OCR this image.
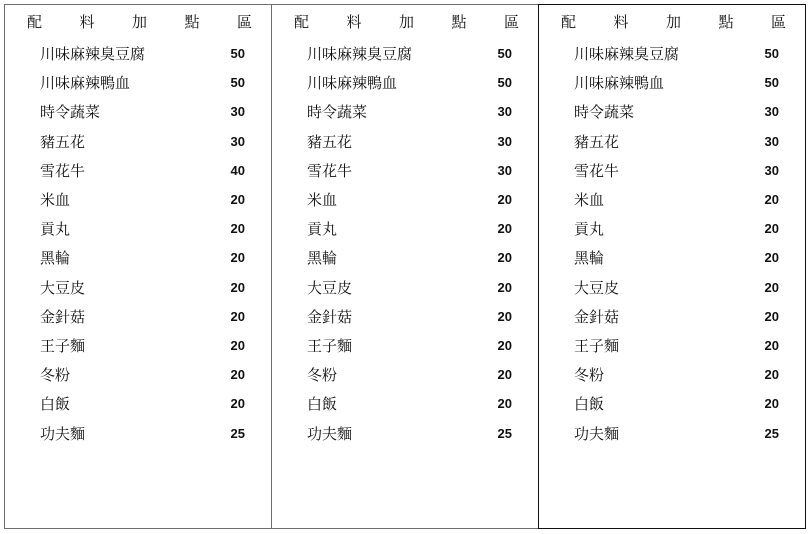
配 料 加 點 區
川味麻辣臭豆腐	50
川味麻辣鴨血	50
時令蔬菜	30
豬五花	30
雪花牛	40
米血	20
貢丸	20
黑輪	20
大豆皮	20
金針菇	20
王子麵	20
冬粉	20
白飯	20
功夫麵	25
配 料 加 點 區
川味麻辣臭豆腐	50
川味麻辣鴨血	50
時令蔬菜	30
豬五花	30
雪花牛	30
米血	20
貢丸	20
黑輪	20
大豆皮	20
金針菇	20
王子麵	20
冬粉	20
白飯	20
功夫麵	25
配 料 加 點 區
川味麻辣臭豆腐	50
川味麻辣鴨血	50
時令蔬菜	30
豬五花	30
雪花牛	30
米血	20
貢丸	20
黑輪	20
大豆皮	20
金針菇	20
王子麵	20
冬粉	20
白飯	20
功夫麵	25
